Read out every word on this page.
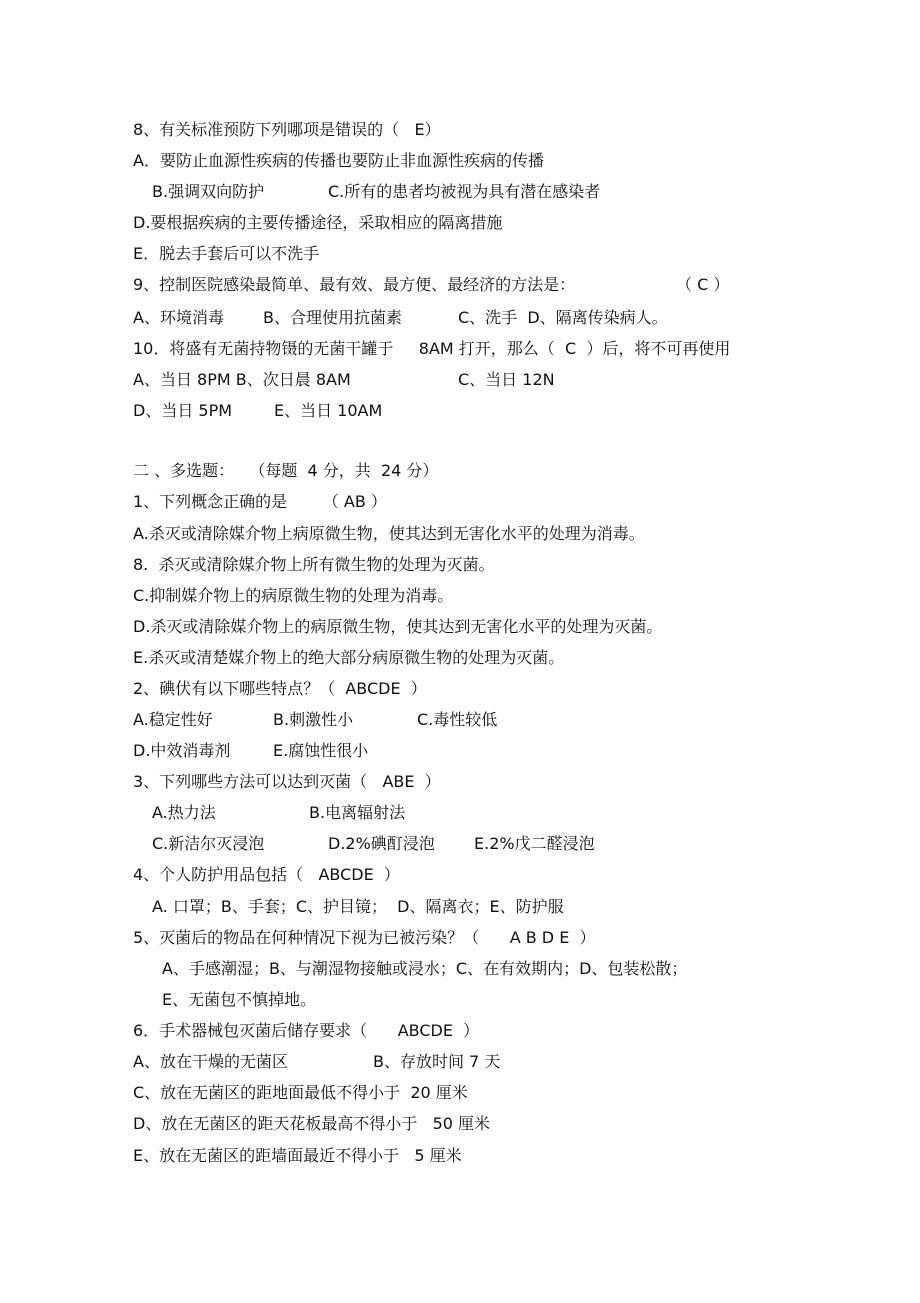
8、有关标准预防下列哪项是错误的（   E）
A．要防止血源性疾病的传播也要防止非血源性疾病的传播
B.强调双向防护	C.所有的患者均被视为具有潜在感染者
D.要根据疾病的主要传播途径，采取相应的隔离措施
E．脱去手套后可以不洗手
9、控制医院感染最简单、最有效、最方便、最经济的方法是：	（ C ）
A、环境消毒 B、合理使用抗菌素	C、洗手  D、隔离传染病人。
10．将盛有无菌持物镊的无菌干罐于     8AM 打开，那么（  C  ）后，将不可再使用
A、当日 8PM B、次日晨 8AM	C、当日 12N
D、当日 5PM	E、当日 10AM
二 、多选题：   （每题  4 分，共  24 分）
1、下列概念正确的是       （ AB ）
A.杀灭或清除媒介物上病原微生物，使其达到无害化水平的处理为消毒。
8.  杀灭或清除媒介物上所有微生物的处理为灭菌。
C.抑制媒介物上的病原微生物的处理为消毒。
D.杀灭或清除媒介物上的病原微生物，使其达到无害化水平的处理为灭菌。
E.杀灭或清楚媒介物上的绝大部分病原微生物的处理为灭菌。
2、碘伏有以下哪些特点？（  ABCDE  ）
A.稳定性好	B.刺激性小	C.毒性较低
D.中效消毒剂	E.腐蚀性很小
3、下列哪些方法可以达到灭菌（   ABE  ）
A.热力法	B.电离辐射法
C.新洁尔灭浸泡	D.2%碘酊浸泡 E.2%戊二醛浸泡
4、个人防护用品包括（   ABCDE  ）
A. 口罩；B、手套；C、护目镜；  D、隔离衣；E、防护服
5、灭菌后的物品在何种情况下视为已被污染？（      A B D E  ）
A、手感潮湿；B、与潮湿物接触或浸水；C、在有效期内；D、包装松散；
E、无菌包不慎掉地。
6．手术器械包灭菌后储存要求（      ABCDE  ）
A、放在干燥的无菌区	B、存放时间 7 天
C、放在无菌区的距地面最低不得小于  20 厘米
D、放在无菌区的距天花板最高不得小于   50 厘米
E、放在无菌区的距墙面最近不得小于   5 厘米
